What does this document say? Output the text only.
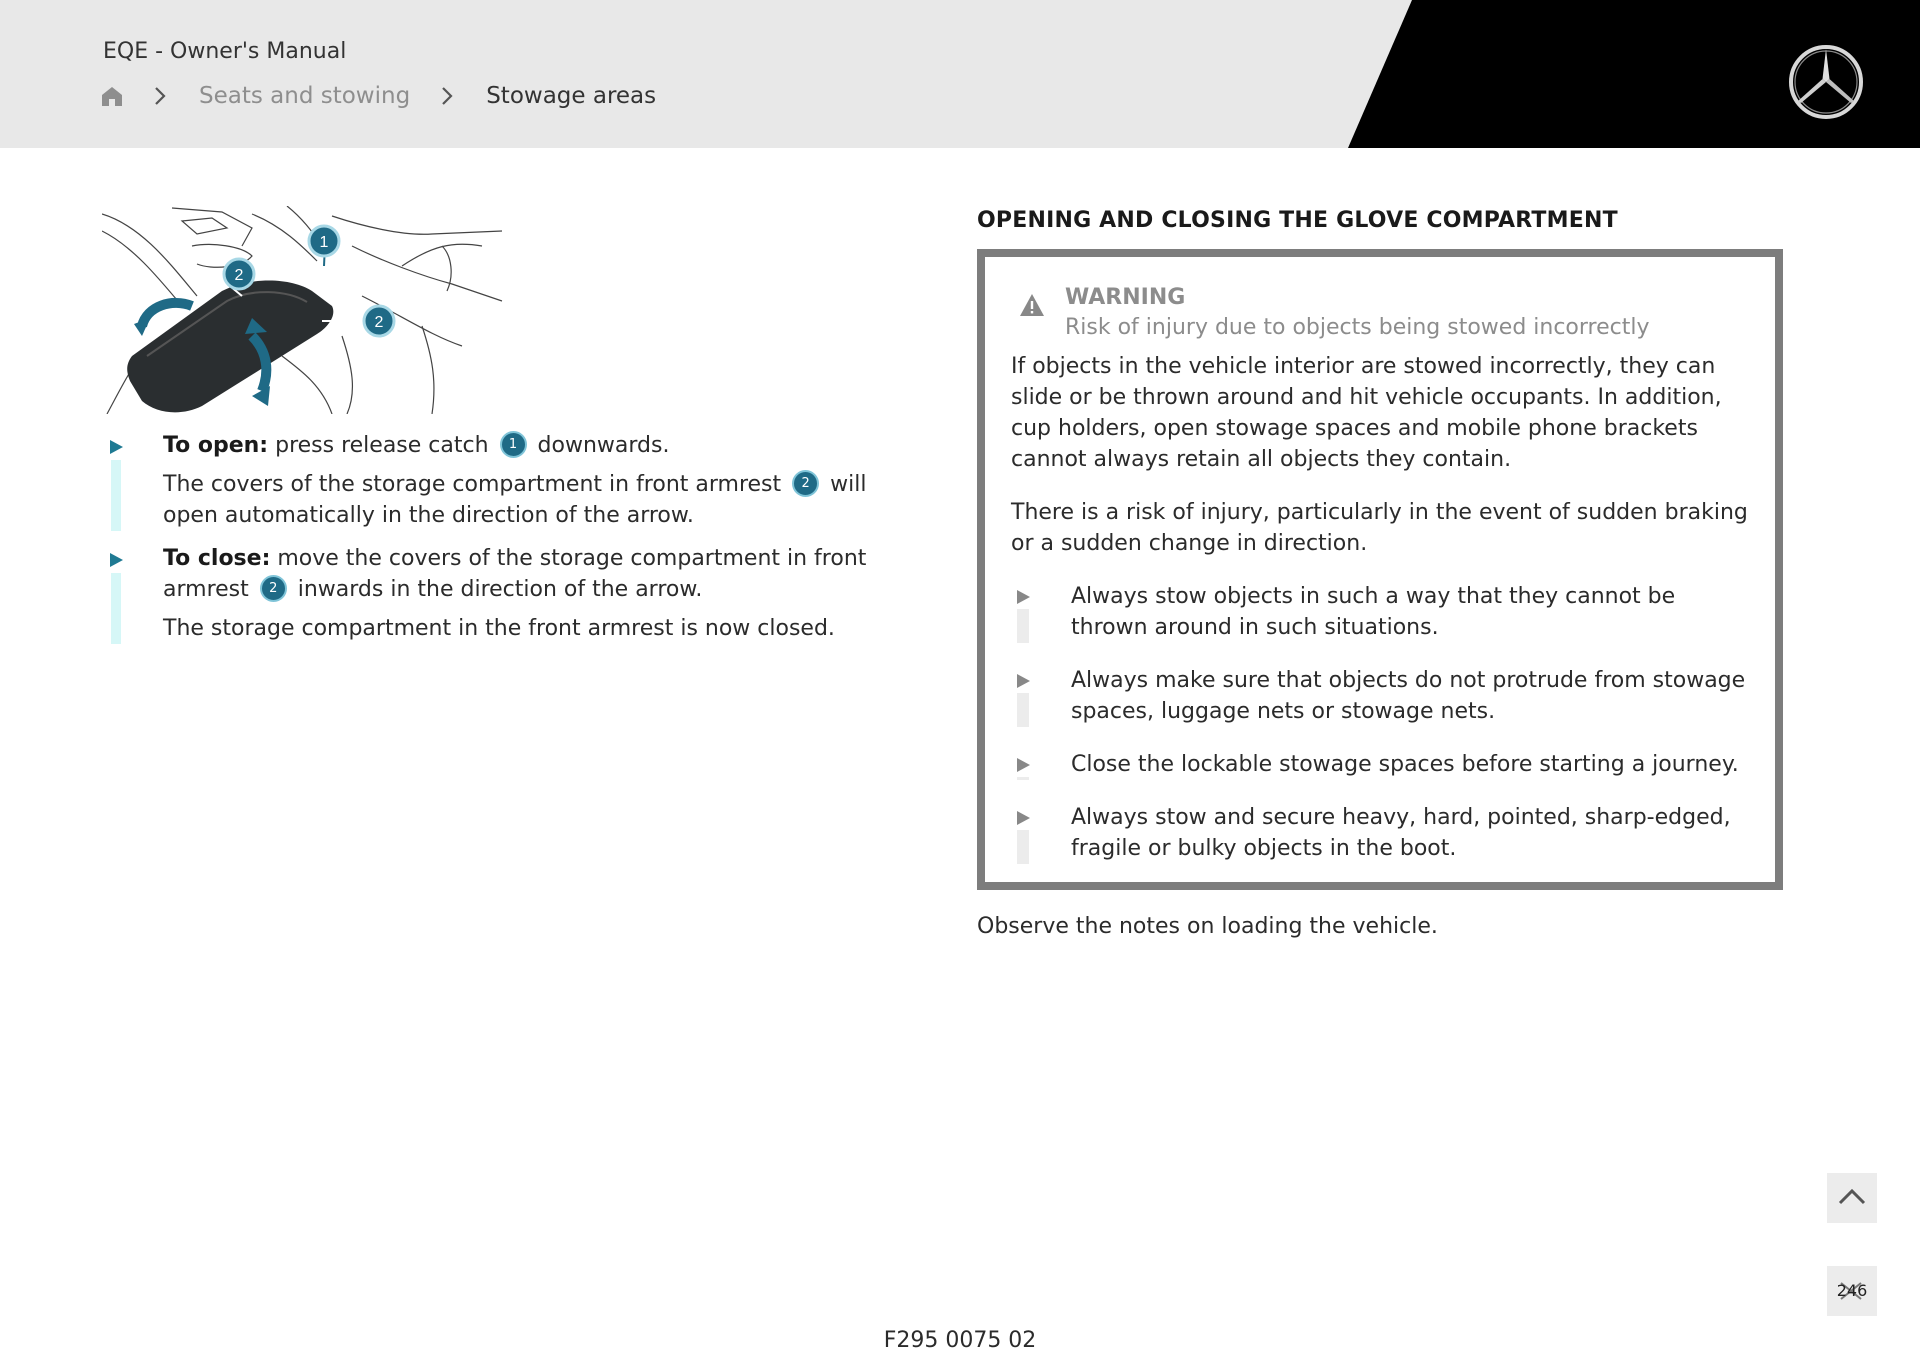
EQE - Owner's Manual
Seats and stowing	Stowage areas
1
2
2

To open: press release catch 1 downwards.

The covers of the storage compartment in front armrest 2 will open automatically in the direction of the arrow.

To close: move the covers of the storage compartment in front armrest 2 inwards in the direction of the arrow.

The storage compartment in the front armrest is now closed.

OPENING AND CLOSING THE GLOVE COMPARTMENT
WARNING
Risk of injury due to objects being stowed incorrectly

If objects in the vehicle interior are stowed incorrectly, they can slide or be thrown around and hit vehicle occupants. In addition, cup holders, open stowage spaces and mobile phone brackets cannot always retain all objects they contain.

There is a risk of injury, particularly in the event of sudden braking or a sudden change in direction.

Always stow objects in such a way that they cannot be thrown around in such situations.

Always make sure that objects do not protrude from stowage spaces, luggage nets or stowage nets.

Close the lockable stowage spaces before starting a journey.

Always stow and secure heavy, hard, pointed, sharp-edged, fragile or bulky objects in the boot.

Observe the notes on loading the vehicle.
246
F295 0075 02
